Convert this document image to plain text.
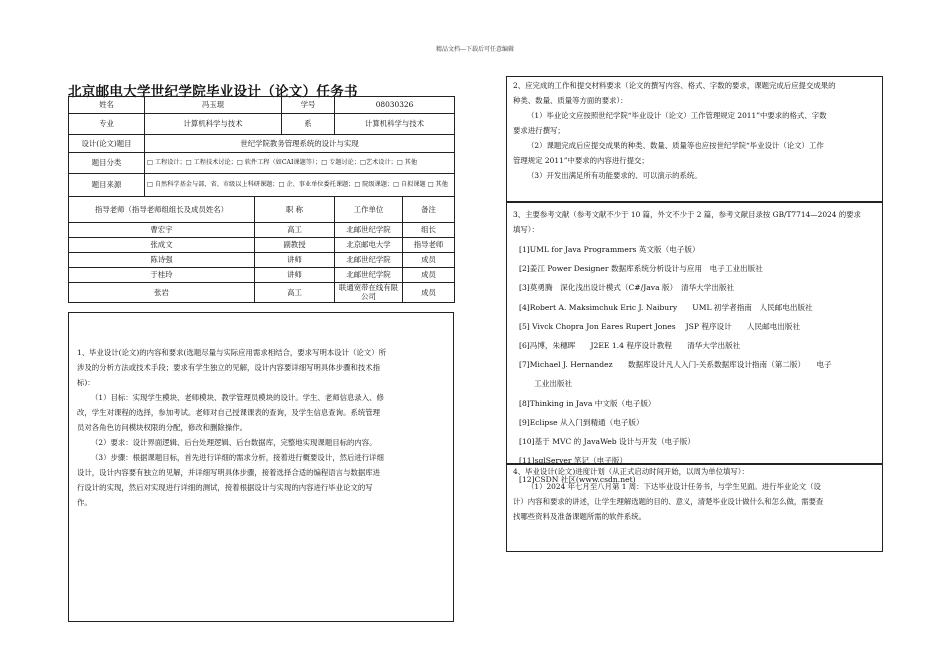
精品文档---下载后可任意编辑
北京邮电大学世纪学院毕业设计（论文）任务书
姓名	冯玉琨		学号	08030326	
专业	计算机科学与技术		系	计算机科学与技术	
设计(论文)题目	世纪学院教务管理系统的设计与实现				
题目分类	□ 工程设计；□ 工程技术讨论；□ 软件工程（如CAI课题等）；□ 专题讨论；□艺术设计；□ 其他				
题目来源	□ 自然科学基金与部、省、市级以上科研课题；□ 企、事业单位委托课题；□ 院级课题；□ 自拟课题 □ 其他				
指导老师（指导老师组组长及成员姓名）		职 称		工作单位	备注
曹宏宇		高工		北邮世纪学院	组长
张成文		副教授		北京邮电大学	指导老师
陈诗强		讲师		北邮世纪学院	成员
于桂玲		讲师		北邮世纪学院	成员
张岩		高工		联通宽带在线有限公司	成员
1、毕业设计(论文)的内容和要求(选题尽量与实际应用需求相结合，要求写明本设计（论文）所
涉及的分析方法或技术手段；要求有学生独立的见解，设计内容要详细写明具体步骤和技术指
标)：
（1）目标：实现学生模块、老师模块、教学管理员模块的设计。学生、老师信息录入、修
改，学生对课程的选择，参加考试。老师对自己授课课表的查询，及学生信息查询。系统管理
员对各角色访问模块权限的分配，修改和删除操作。
（2）要求：设计界面逻辑、后台处理逻辑、后台数据库，完整地实现课题目标的内容。
（3）步骤：根据课题目标，首先进行详细的需求分析，接着进行概要设计，然后进行详细
设计，设计内容要有独立的见解，并详细写明具体步骤，接着选择合适的编程语言与数据库进
行设计的实现，然后对实现进行详细的测试，接着根据设计与实现的内容进行毕业论文的写
作。
2、应完成的工作和提交材料要求（论文的撰写内容、格式、字数的要求，课题完成后应提交成果的
种类、数量、质量等方面的要求）：
（1）毕业论文应按照世纪学院“毕业设计（论文）工作管理规定 2011”中要求的格式、字数
要求进行撰写；
（2）课题完成后应提交成果的种类、数量、质量等也应按世纪学院“毕业设计（论文）工作
管理规定 2011”中要求的内容进行提交；
（3）开发出满足所有功能要求的、可以演示的系统。
3、主要参考文献（参考文献不少于 10 篇，外文不少于 2 篇，参考文献目录按 GB/T7714—2024 的要求
填写）：
[1]UML for Java Programmers 英文版（电子版）
[2]姜江 Power Designer 数据库系统分析设计与应用　电子工业出版社
[3]莫勇腾　深化浅出设计模式（C#/Java 版）　清华大学出版社
[4]Robert A. Maksimchuk Eric J. Naibury　　UML 初学者指南　人民邮电出版社
[5] Vivck Chopra Jon Eares Rupert Jones　 JSP 程序设计　　人民邮电出版社
[6]冯博，朱穗晖　　J2EE 1.4 程序设计教程　　清华大学出版社
[7]Michael J. Hernandez　　数据库设计凡人入门-关系数据库设计指南（第二版）　　电子
　　工业出版社
[8]Thinking in Java 中文版（电子版）
[9]Eclipse 从入门到精通（电子版）
[10]基于 MVC 的 JavaWeb 设计与开发（电子版）
[11]sqlServer 笔记（电子版）
[12]CSDN 社区(www.csdn.net)
4、毕业设计(论文)进度计划（从正式启动时间开始，以周为单位填写）：
（1）2024 年七月至八月第 1 周：下达毕业设计任务书，与学生见面。进行毕业论文（设
计）内容和要求的讲述，让学生理解选题的目的、意义，清楚毕业设计做什么和怎么做，需要查
找哪些资料及准备课题所需的软件系统。
